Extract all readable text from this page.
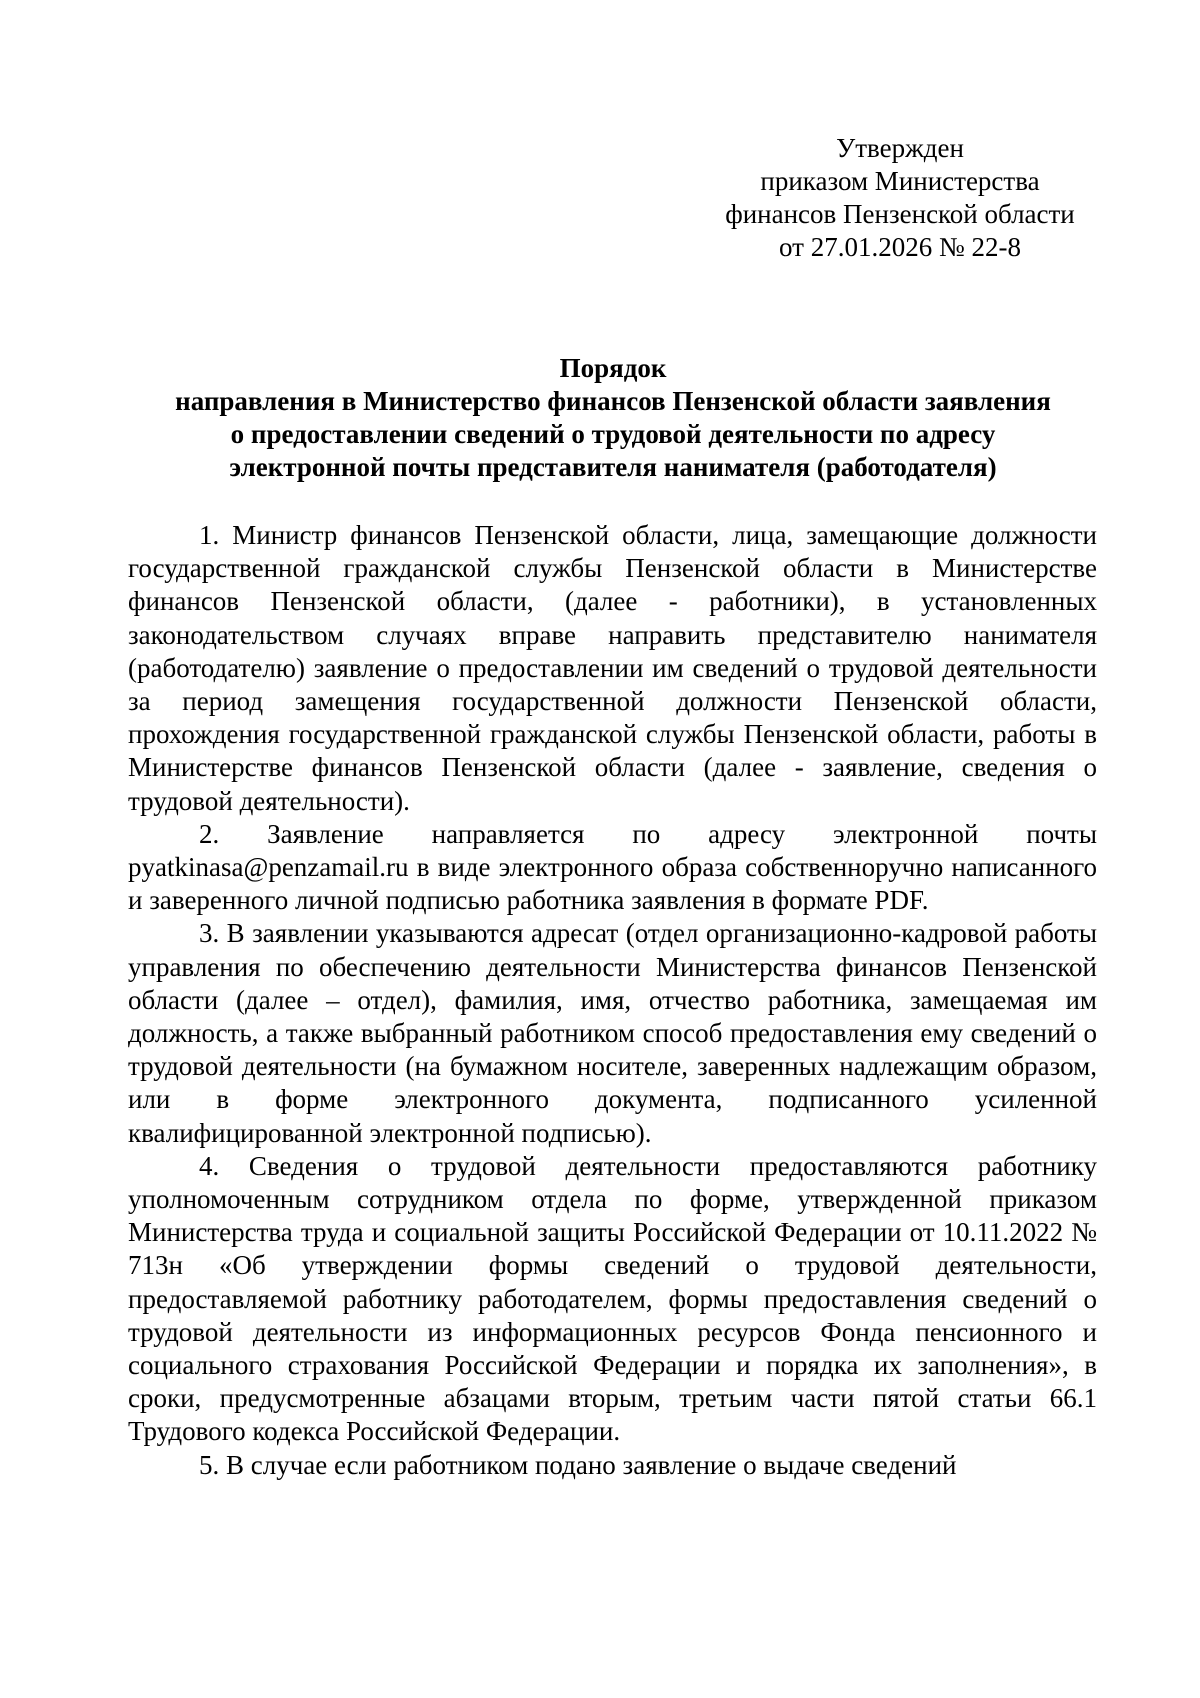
Утвержден
приказом Министерства
финансов Пензенской области
от 27.01.2026 № 22-8
Порядок
направления в Министерство финансов Пензенской области заявления
о предоставлении сведений о трудовой деятельности по адресу
электронной почты представителя нанимателя (работодателя)

1. Министр финансов Пензенской области, лица, замещающие должности государственной гражданской службы Пензенской области в Министерстве финансов Пензенской области, (далее - работники), в установленных законодательством случаях вправе направить представителю нанимателя (работодателю) заявление о предоставлении им сведений о трудовой деятельности за период замещения государственной должности Пензенской области, прохождения государственной гражданской службы Пензенской области, работы в Министерстве финансов Пензенской области (далее - заявление, сведения о трудовой деятельности).

2. Заявление направляется по адресу электронной почты pyatkinasa@penzamail.ru в виде электронного образа собственноручно написанного и заверенного личной подписью работника заявления в формате PDF.

3. В заявлении указываются адресат (отдел организационно-кадровой работы управления по обеспечению деятельности Министерства финансов Пензенской области (далее – отдел), фамилия, имя, отчество работника, замещаемая им должность, а также выбранный работником способ предоставления ему сведений о трудовой деятельности (на бумажном носителе, заверенных надлежащим образом, или в форме электронного документа, подписанного усиленной квалифицированной электронной подписью).

4. Сведения о трудовой деятельности предоставляются работнику уполномоченным сотрудником отдела по форме, утвержденной приказом Министерства труда и социальной защиты Российской Федерации от 10.11.2022 № 713н «Об утверждении формы сведений о трудовой деятельности, предоставляемой работнику работодателем, формы предоставления сведений о трудовой деятельности из информационных ресурсов Фонда пенсионного и социального страхования Российской Федерации и порядка их заполнения», в сроки, предусмотренные абзацами вторым, третьим части пятой статьи 66.1 Трудового кодекса Российской Федерации.

5. В случае если работником подано заявление о выдаче сведений
